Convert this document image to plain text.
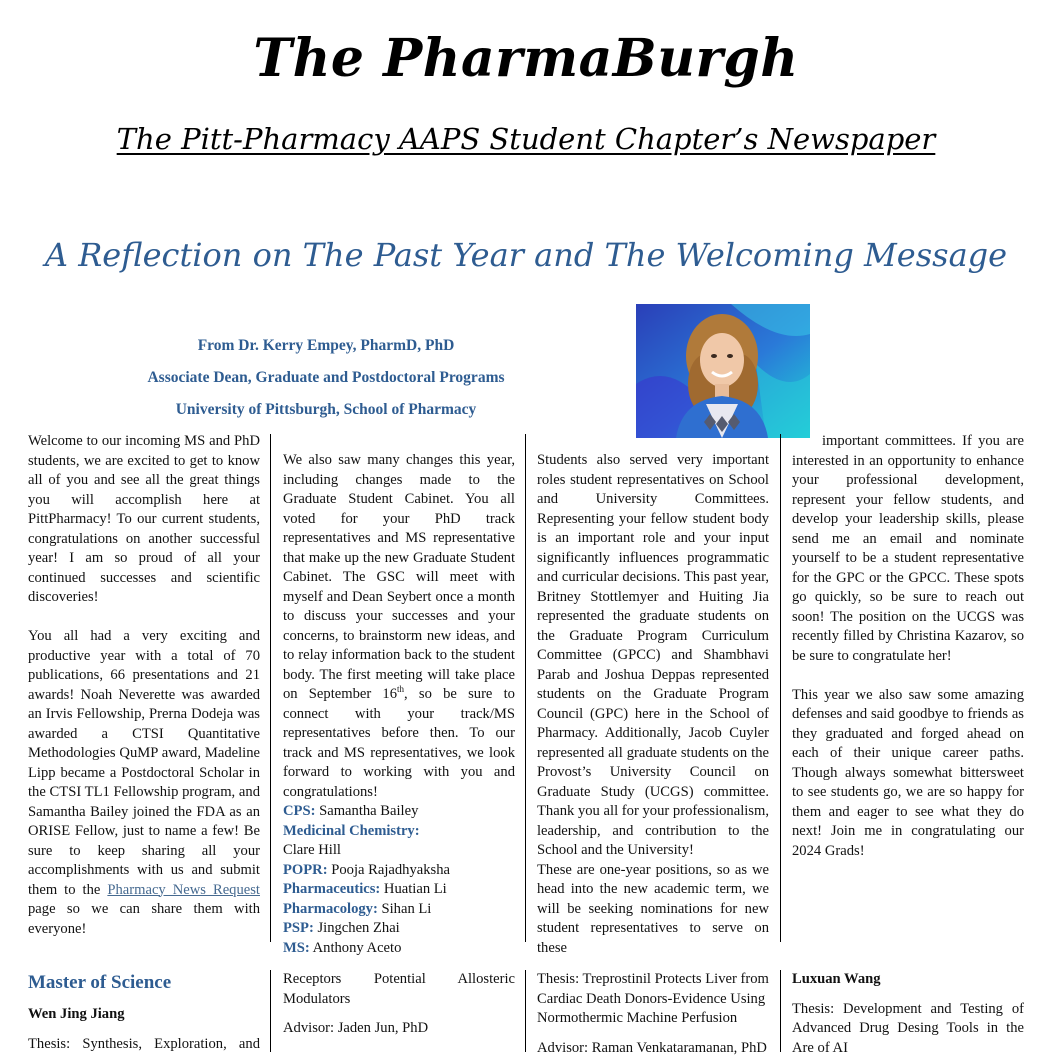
The PharmaBurgh
The Pitt-Pharmacy AAPS Student Chapter’s Newspaper
A Reflection on The Past Year and The Welcoming Message
From Dr. Kerry Empey, PharmD, PhD
Associate Dean, Graduate and Postdoctoral Programs
University of Pittsburgh, School of Pharmacy

Welcome to our incoming MS and PhD students, we are excited to get to know all of you and see all the great things you will accomplish here at PittPharmacy! To our current students, congratulations on another successful year! I am so proud of all your continued successes and scientific discoveries!

You all had a very exciting and productive year with a total of 70 publications, 66 presentations and 21 awards! Noah Neverette was awarded an Irvis Fellowship, Prerna Dodeja was awarded a CTSI Quantitative Methodologies QuMP award, Madeline Lipp became a Postdoctoral Scholar in the CTSI TL1 Fellowship program, and Samantha Bailey joined the FDA as an ORISE Fellow, just to name a few! Be sure to keep sharing all your accomplishments with us and submit them to the Pharmacy News Request page so we can share them with everyone!

We also saw many changes this year, including changes made to the Graduate Student Cabinet. You all voted for your PhD track representatives and MS representative that make up the new Graduate Student Cabinet. The GSC will meet with myself and Dean Seybert once a month to discuss your successes and your concerns, to brainstorm new ideas, and to relay information back to the student body. The first meeting will take place on September 16th, so be sure to connect with your track/MS representatives before then. To our track and MS representatives, we look forward to working with you and congratulations!
CPS: Samantha Bailey
Medicinal Chemistry:
Clare Hill
POPR: Pooja Rajadhyaksha
Pharmaceutics: Huatian Li
Pharmacology: Sihan Li
PSP: Jingchen Zhai
MS: Anthony Aceto
Students also served very important roles student representatives on School and University Committees. Representing your fellow student body is an important role and your input significantly influences programmatic and curricular decisions. This past year, Britney Stottlemyer and Huiting Jia represented the graduate students on the Graduate Program Curriculum Committee (GPCC) and Shambhavi Parab and Joshua Deppas represented students on the Graduate Program Council (GPC) here in the School of Pharmacy. Additionally, Jacob Cuyler represented all graduate students on the Provost’s University Council on Graduate Study (UCGS) committee. Thank you all for your professionalism, leadership, and contribution to the School and the University!
These are one-year positions, so as we head into the new academic term, we will be seeking nominations for new student representatives to serve on these

important committees. If you are interested in an opportunity to enhance your professional development, represent your fellow students, and develop your leadership skills, please send me an email and nominate yourself to be a student representative for the GPC or the GPCC. These spots go quickly, so be sure to reach out soon! The position on the UCGS was recently filled by Christina Kazarov, so be sure to congratulate her!

This year we also saw some amazing defenses and said goodbye to friends as they graduated and forged ahead on each of their unique career paths. Though always somewhat bittersweet to see students go, we are so happy for them and eager to see what they do next! Join me in congratulating our 2024 Grads!

Master of Science
Wen Jing Jiang
Thesis: Synthesis, Exploration, and
Receptors Potential Allosteric Modulators
Advisor: Jaden Jun, PhD
Thesis: Treprostinil Protects Liver from Cardiac Death Donors-Evidence Using Normothermic Machine Perfusion
Advisor: Raman Venkataramanan, PhD
Luxuan Wang
Thesis: Development and Testing of Advanced Drug Desing Tools in the Are of AI
